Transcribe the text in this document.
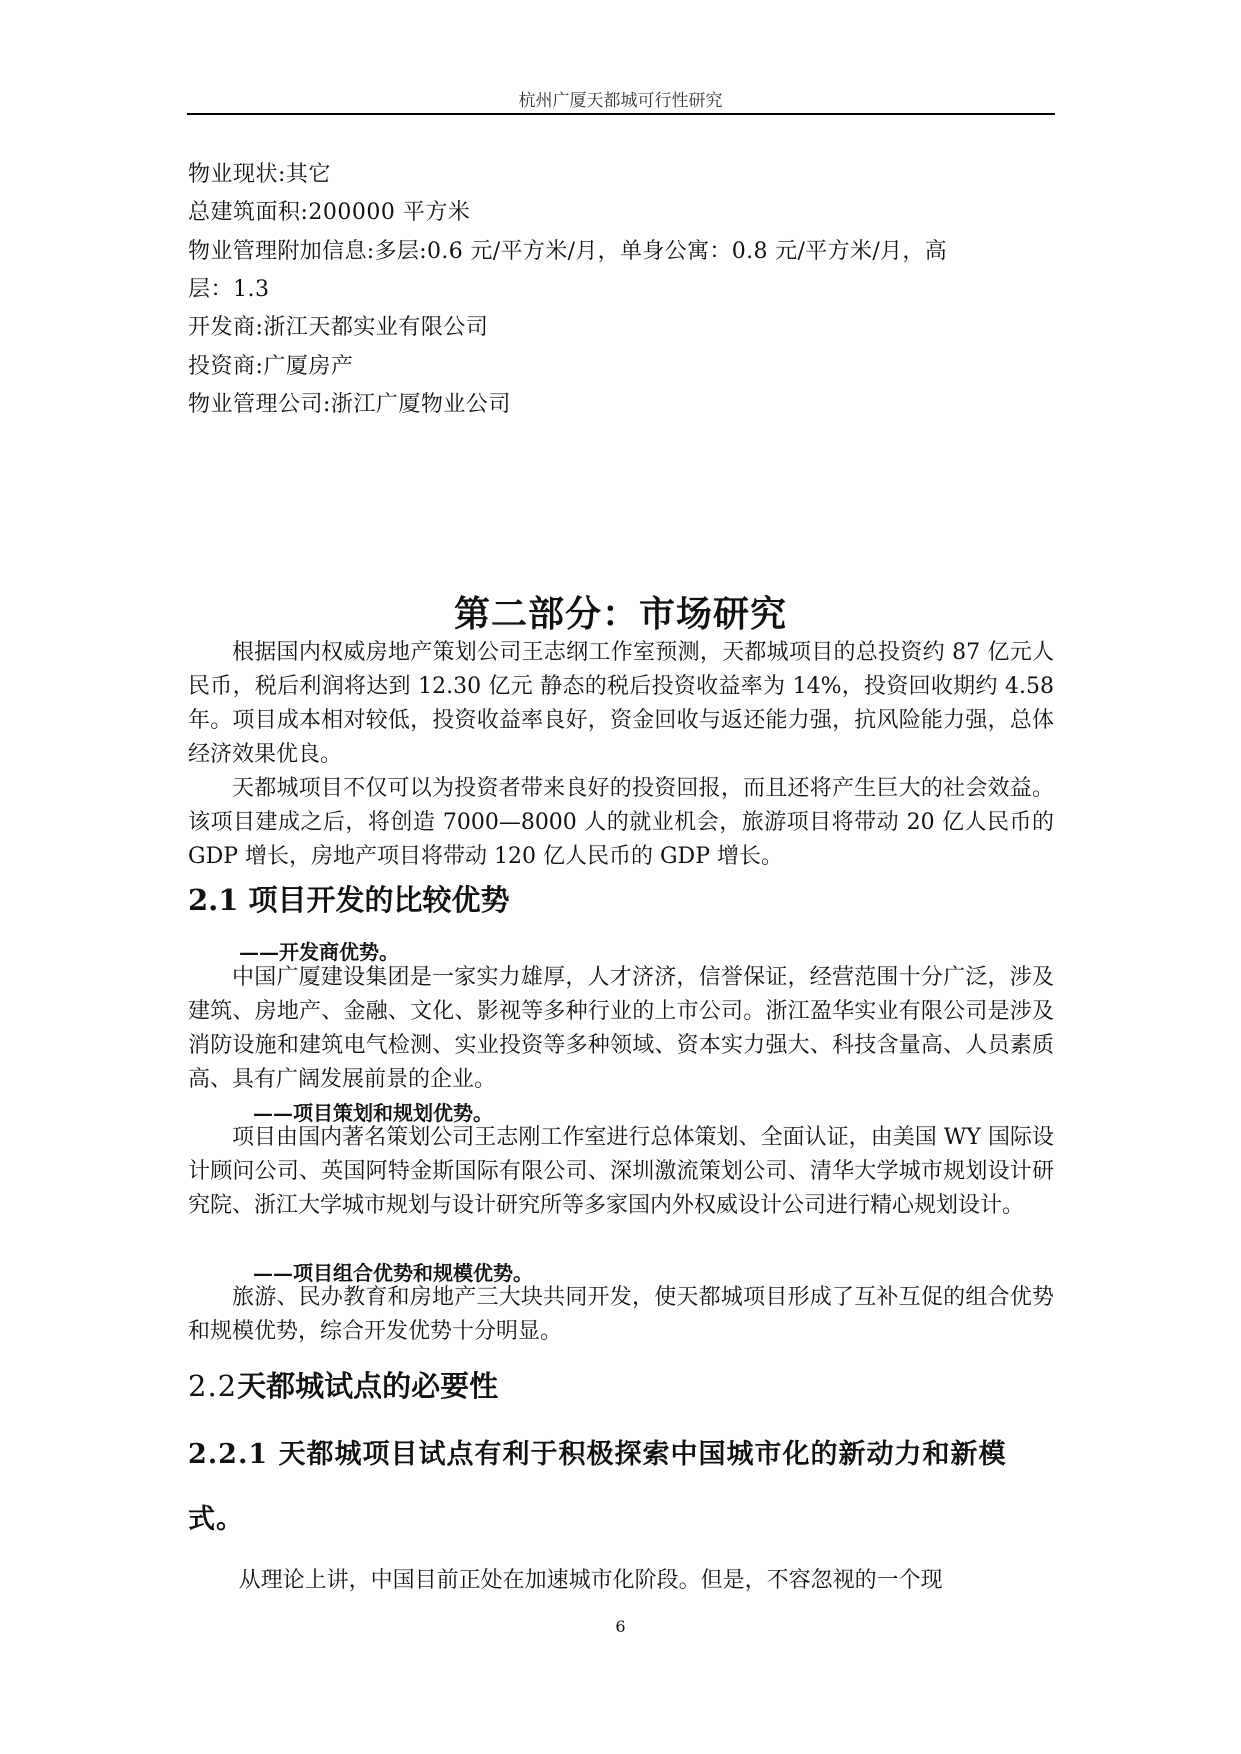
杭州广厦天都城可行性研究
物业现状:其它
总建筑面积:200000 平方米
物业管理附加信息:多层:0.6 元/平方米/月，单身公寓：0.8 元/平方米/月，高
层：1.3
开发商:浙江天都实业有限公司
投资商:广厦房产
物业管理公司:浙江广厦物业公司
第二部分：市场研究

根据国内权威房地产策划公司王志纲工作室预测，天都城项目的总投资约 87 亿元人民币，税后利润将达到 12.30 亿元 静态的税后投资收益率为 14%，投资回收期约 4.58 年。项目成本相对较低，投资收益率良好，资金回收与返还能力强，抗风险能力强，总体经济效果优良。

天都城项目不仅可以为投资者带来良好的投资回报，而且还将产生巨大的社会效益。该项目建成之后，将创造 7000—8000 人的就业机会，旅游项目将带动 20 亿人民币的 GDP 增长，房地产项目将带动 120 亿人民币的 GDP 增长。

2.1 项目开发的比较优势
——开发商优势。

中国广厦建设集团是一家实力雄厚，人才济济，信誉保证，经营范围十分广泛，涉及建筑、房地产、金融、文化、影视等多种行业的上市公司。浙江盈华实业有限公司是涉及消防设施和建筑电气检测、实业投资等多种领域、资本实力强大、科技含量高、人员素质高、具有广阔发展前景的企业。

——项目策划和规划优势。

项目由国内著名策划公司王志刚工作室进行总体策划、全面认证，由美国 WY 国际设计顾问公司、英国阿特金斯国际有限公司、深圳激流策划公司、清华大学城市规划设计研究院、浙江大学城市规划与设计研究所等多家国内外权威设计公司进行精心规划设计。

——项目组合优势和规模优势。

旅游、民办教育和房地产三大块共同开发，使天都城项目形成了互补互促的组合优势和规模优势，综合开发优势十分明显。

2.2天都城试点的必要性
2.2.1 天都城项目试点有利于积极探索中国城市化的新动力和新模
式。

从理论上讲，中国目前正处在加速城市化阶段。但是，不容忽视的一个现

6
